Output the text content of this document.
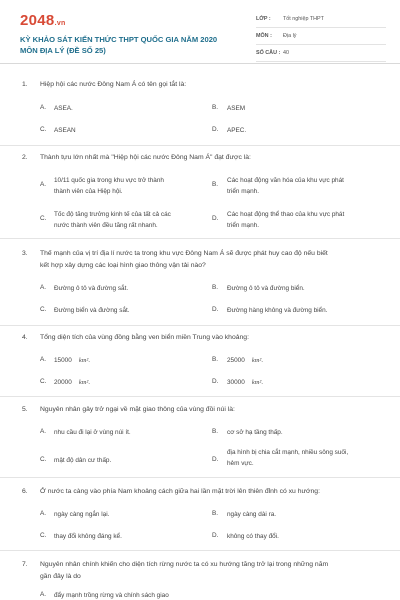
2048.vn
KỲ KHẢO SÁT KIẾN THỨC THPT QUỐC GIA NĂM 2020
MÔN ĐỊA LÝ (ĐỀ SỐ 25)
LỚP : Tốt nghiệp THPT
MÔN : Địa lý
SỐ CÂU : 40
1. Hiệp hội các nước Đông Nam Á có tên gọi tắt là:
A. ASEA.	B. ASEM
C. ASEAN	D. APEC.
2. Thành tựu lớn nhất mà "Hiệp hội các nước Đông Nam Á" đạt được là:
A.
10/11 quốc gia trong khu vực trở thành
thành viên của Hiệp hội.
B.
Các hoạt động văn hóa của khu vực phát
triển mạnh.
C.
Tốc độ tăng trưởng kinh tế của tất cả các
nước thành viên đều tăng rất nhanh.
D.
Các hoạt động thể thao của khu vực phát
triển mạnh.
3. Thế mạnh của vị trí địa lí nước ta trong khu vực Đông Nam Á sẽ được phát huy cao độ nếu biết
kết hợp xây dựng các loại hình giao thông vận tải nào?
A. Đường ô tô và đường sắt.	B. Đường ô tô và đường biển.
C. Đường biển và đường sắt.	D. Đường hàng không và đường biển.
4. Tổng diện tích của vùng đồng bằng ven biển miền Trung vào khoảng:
A. 15000 km².	B. 25000 km².
C. 20000 km².	D. 30000 km².
5. Nguyên nhân gây trở ngại về mặt giao thông của vùng đồi núi là:
A. nhu cầu đi lại ở vùng núi ít.	B. cơ sở hạ tầng thấp.
C. mật độ dân cư thấp.	D.
địa hình bị chia cắt mạnh, nhiều sông suối,
hẻm vực.
6. Ở nước ta càng vào phía Nam khoảng cách giữa hai lần mặt trời lên thiên đỉnh có xu hướng:
A. ngày càng ngắn lại.	B. ngày càng dài ra.
C. thay đổi không đáng kể.	D. không có thay đổi.
7. Nguyên nhân chính khiến cho diện tích rừng nước ta có xu hướng tăng trở lại trong những năm
gần đây là do
A. đẩy mạnh trồng rừng và chính sách giao
